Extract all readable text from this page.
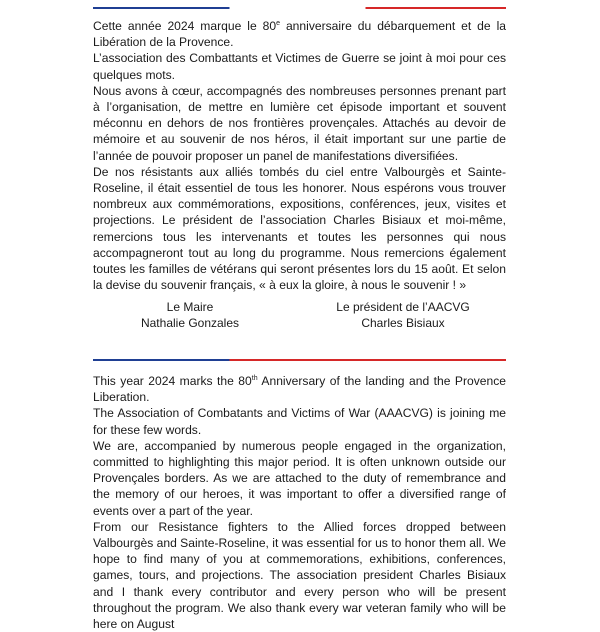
Cette année 2024 marque le 80e anniversaire du débarquement et de la Libération de la Provence.

L’association des Combattants et Victimes de Guerre se joint à moi pour ces quelques mots.

Nous avons à cœur, accompagnés des nombreuses personnes prenant part à l’organisation, de mettre en lumière cet épisode important et souvent méconnu en dehors de nos frontières provençales. Attachés au devoir de mémoire et au souvenir de nos héros, il était important sur une partie de l’année de pouvoir proposer un panel de manifestations diversifiées.

De nos résistants aux alliés tombés du ciel entre Valbourgès et Sainte-Roseline, il était essentiel de tous les honorer. Nous espérons vous trouver nombreux aux commémorations, expositions, conférences, jeux, visites et projections. Le président de l’association Charles Bisiaux et moi-même, remercions tous les intervenants et toutes les personnes qui nous accompagneront tout au long du programme. Nous remercions également toutes les familles de vétérans qui seront présentes lors du 15 août. Et selon la devise du souvenir français, « à eux la gloire, à nous le souvenir ! »

Le Maire
Nathalie Gonzales
Le président de l’AACVG
Charles Bisiaux

This year 2024 marks the 80th Anniversary of the landing and the Provence Liberation.

The Association of Combatants and Victims of War (AAACVG) is joining me for these few words.

We are, accompanied by numerous people engaged in the organization, committed to highlighting this major period. It is often unknown outside our Provençales borders. As we are attached to the duty of remembrance and the memory of our heroes, it was important to offer a diversified range of events over a part of the year.

From our Resistance fighters to the Allied forces dropped between Valbourgès and Sainte-Roseline, it was essential for us to honor them all. We hope to find many of you at commemorations, exhibitions, conferences, games, tours, and projections. The association president Charles Bisiaux and I thank every contributor and every person who will be present throughout the program. We also thank every war veteran family who will be here on August
